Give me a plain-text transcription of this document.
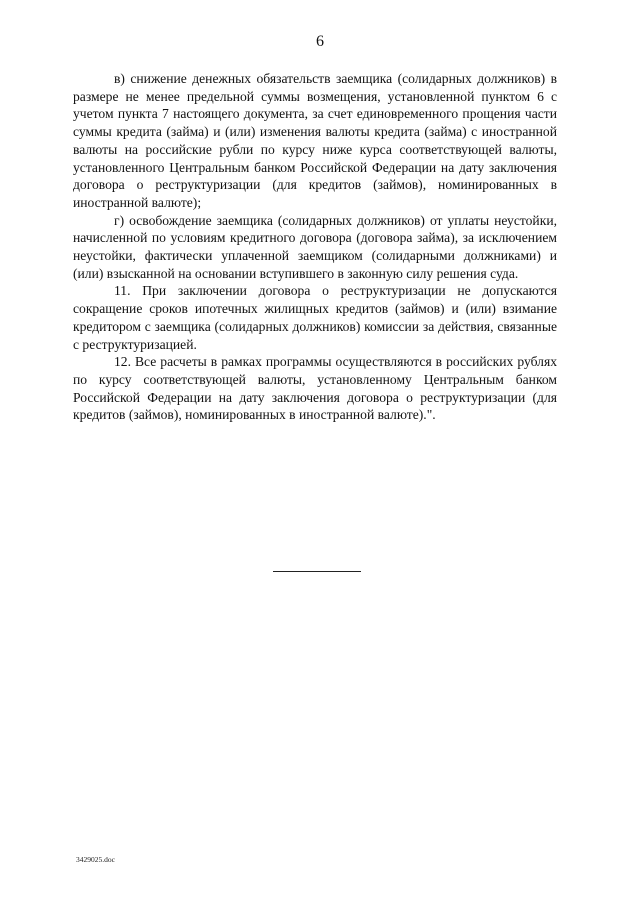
6

в) снижение денежных обязательств заемщика (солидарных должников) в размере не менее предельной суммы возмещения, установленной пунктом 6 с учетом пункта 7 настоящего документа, за счет единовременного прощения части суммы кредита (займа) и (или) изменения валюты кредита (займа) с иностранной валюты на российские рубли по курсу ниже курса соответствующей валюты, установленного Центральным банком Российской Федерации на дату заключения договора о реструктуризации (для кредитов (займов), номинированных в иностранной валюте);

г) освобождение заемщика (солидарных должников) от уплаты неустойки, начисленной по условиям кредитного договора (договора займа), за исключением неустойки, фактически уплаченной заемщиком (солидарными должниками) и (или) взысканной на основании вступившего в законную силу решения суда.

11. При заключении договора о реструктуризации не допускаются сокращение сроков ипотечных жилищных кредитов (займов) и (или) взимание кредитором с заемщика (солидарных должников) комиссии за действия, связанные с реструктуризацией.

12. Все расчеты в рамках программы осуществляются в российских рублях по курсу соответствующей валюты, установленному Центральным банком Российской Федерации на дату заключения договора о реструктуризации (для кредитов (займов), номинированных в иностранной валюте).".

3429025.doc
